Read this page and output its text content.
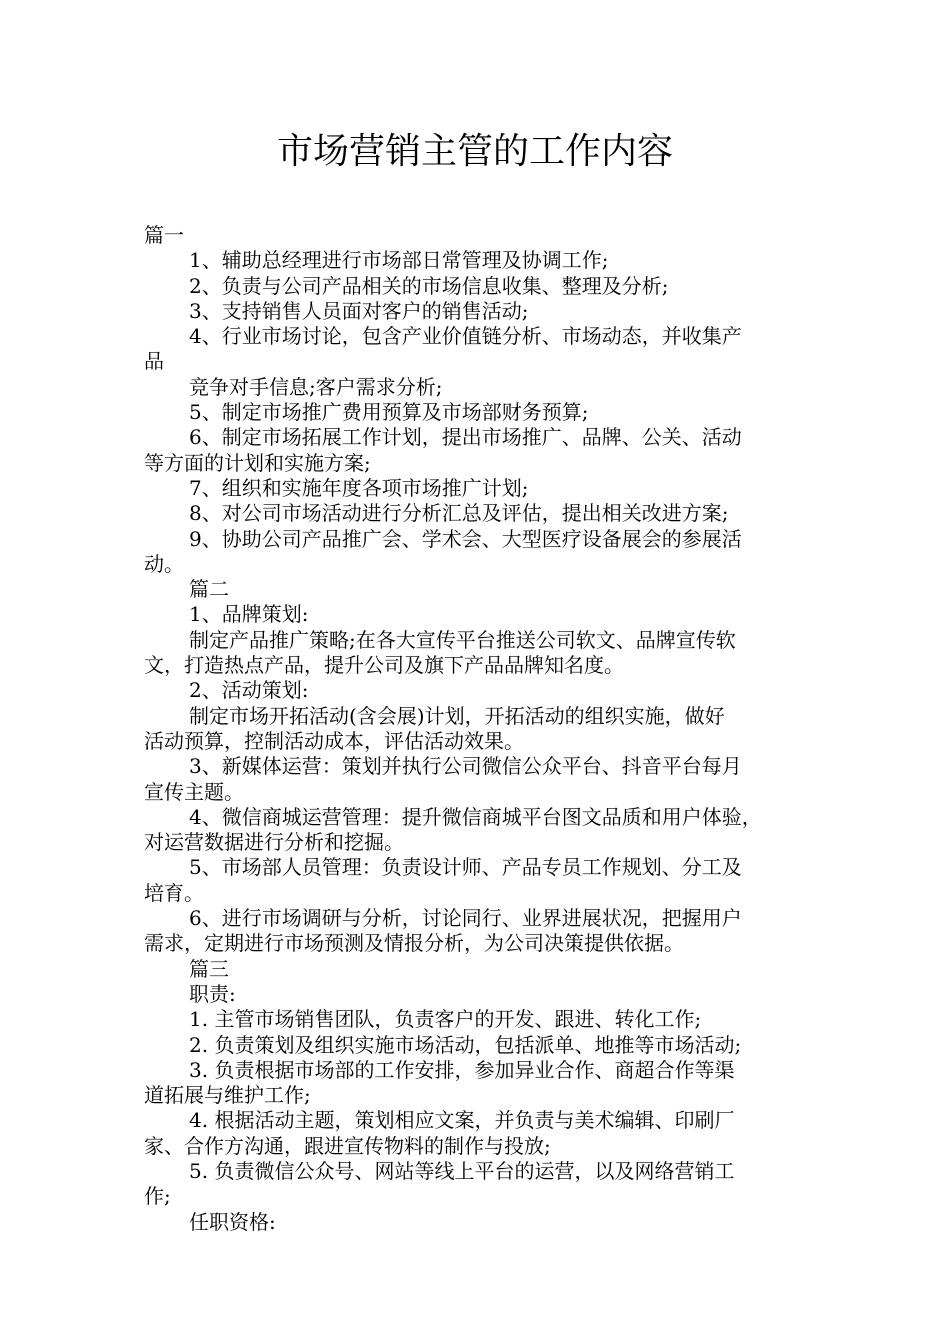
市场营销主管的工作内容
篇一
1、辅助总经理进行市场部日常管理及协调工作;
2、负责与公司产品相关的市场信息收集、整理及分析;
3、支持销售人员面对客户的销售活动;
4、行业市场讨论，包含产业价值链分析、市场动态，并收集产
品
竞争对手信息;客户需求分析;
5、制定市场推广费用预算及市场部财务预算;
6、制定市场拓展工作计划，提出市场推广、品牌、公关、活动
等方面的计划和实施方案;
7、组织和实施年度各项市场推广计划;
8、对公司市场活动进行分析汇总及评估，提出相关改进方案;
9、协助公司产品推广会、学术会、大型医疗设备展会的参展活
动。
篇二
1、品牌策划:
制定产品推广策略;在各大宣传平台推送公司软文、品牌宣传软
文，打造热点产品，提升公司及旗下产品品牌知名度。
2、活动策划:
制定市场开拓活动(含会展)计划，开拓活动的组织实施，做好
活动预算，控制活动成本，评估活动效果。
3、新媒体运营：策划并执行公司微信公众平台、抖音平台每月
宣传主题。
4、微信商城运营管理：提升微信商城平台图文品质和用户体验，
对运营数据进行分析和挖掘。
5、市场部人员管理：负责设计师、产品专员工作规划、分工及
培育。
6、进行市场调研与分析，讨论同行、业界进展状况，把握用户
需求，定期进行市场预测及情报分析，为公司决策提供依据。
篇三
职责:
1. 主管市场销售团队，负责客户的开发、跟进、转化工作;
2. 负责策划及组织实施市场活动，包括派单、地推等市场活动;
3. 负责根据市场部的工作安排，参加异业合作、商超合作等渠
道拓展与维护工作;
4. 根据活动主题，策划相应文案，并负责与美术编辑、印刷厂
家、合作方沟通，跟进宣传物料的制作与投放;
5. 负责微信公众号、网站等线上平台的运营，以及网络营销工
作;
任职资格:
